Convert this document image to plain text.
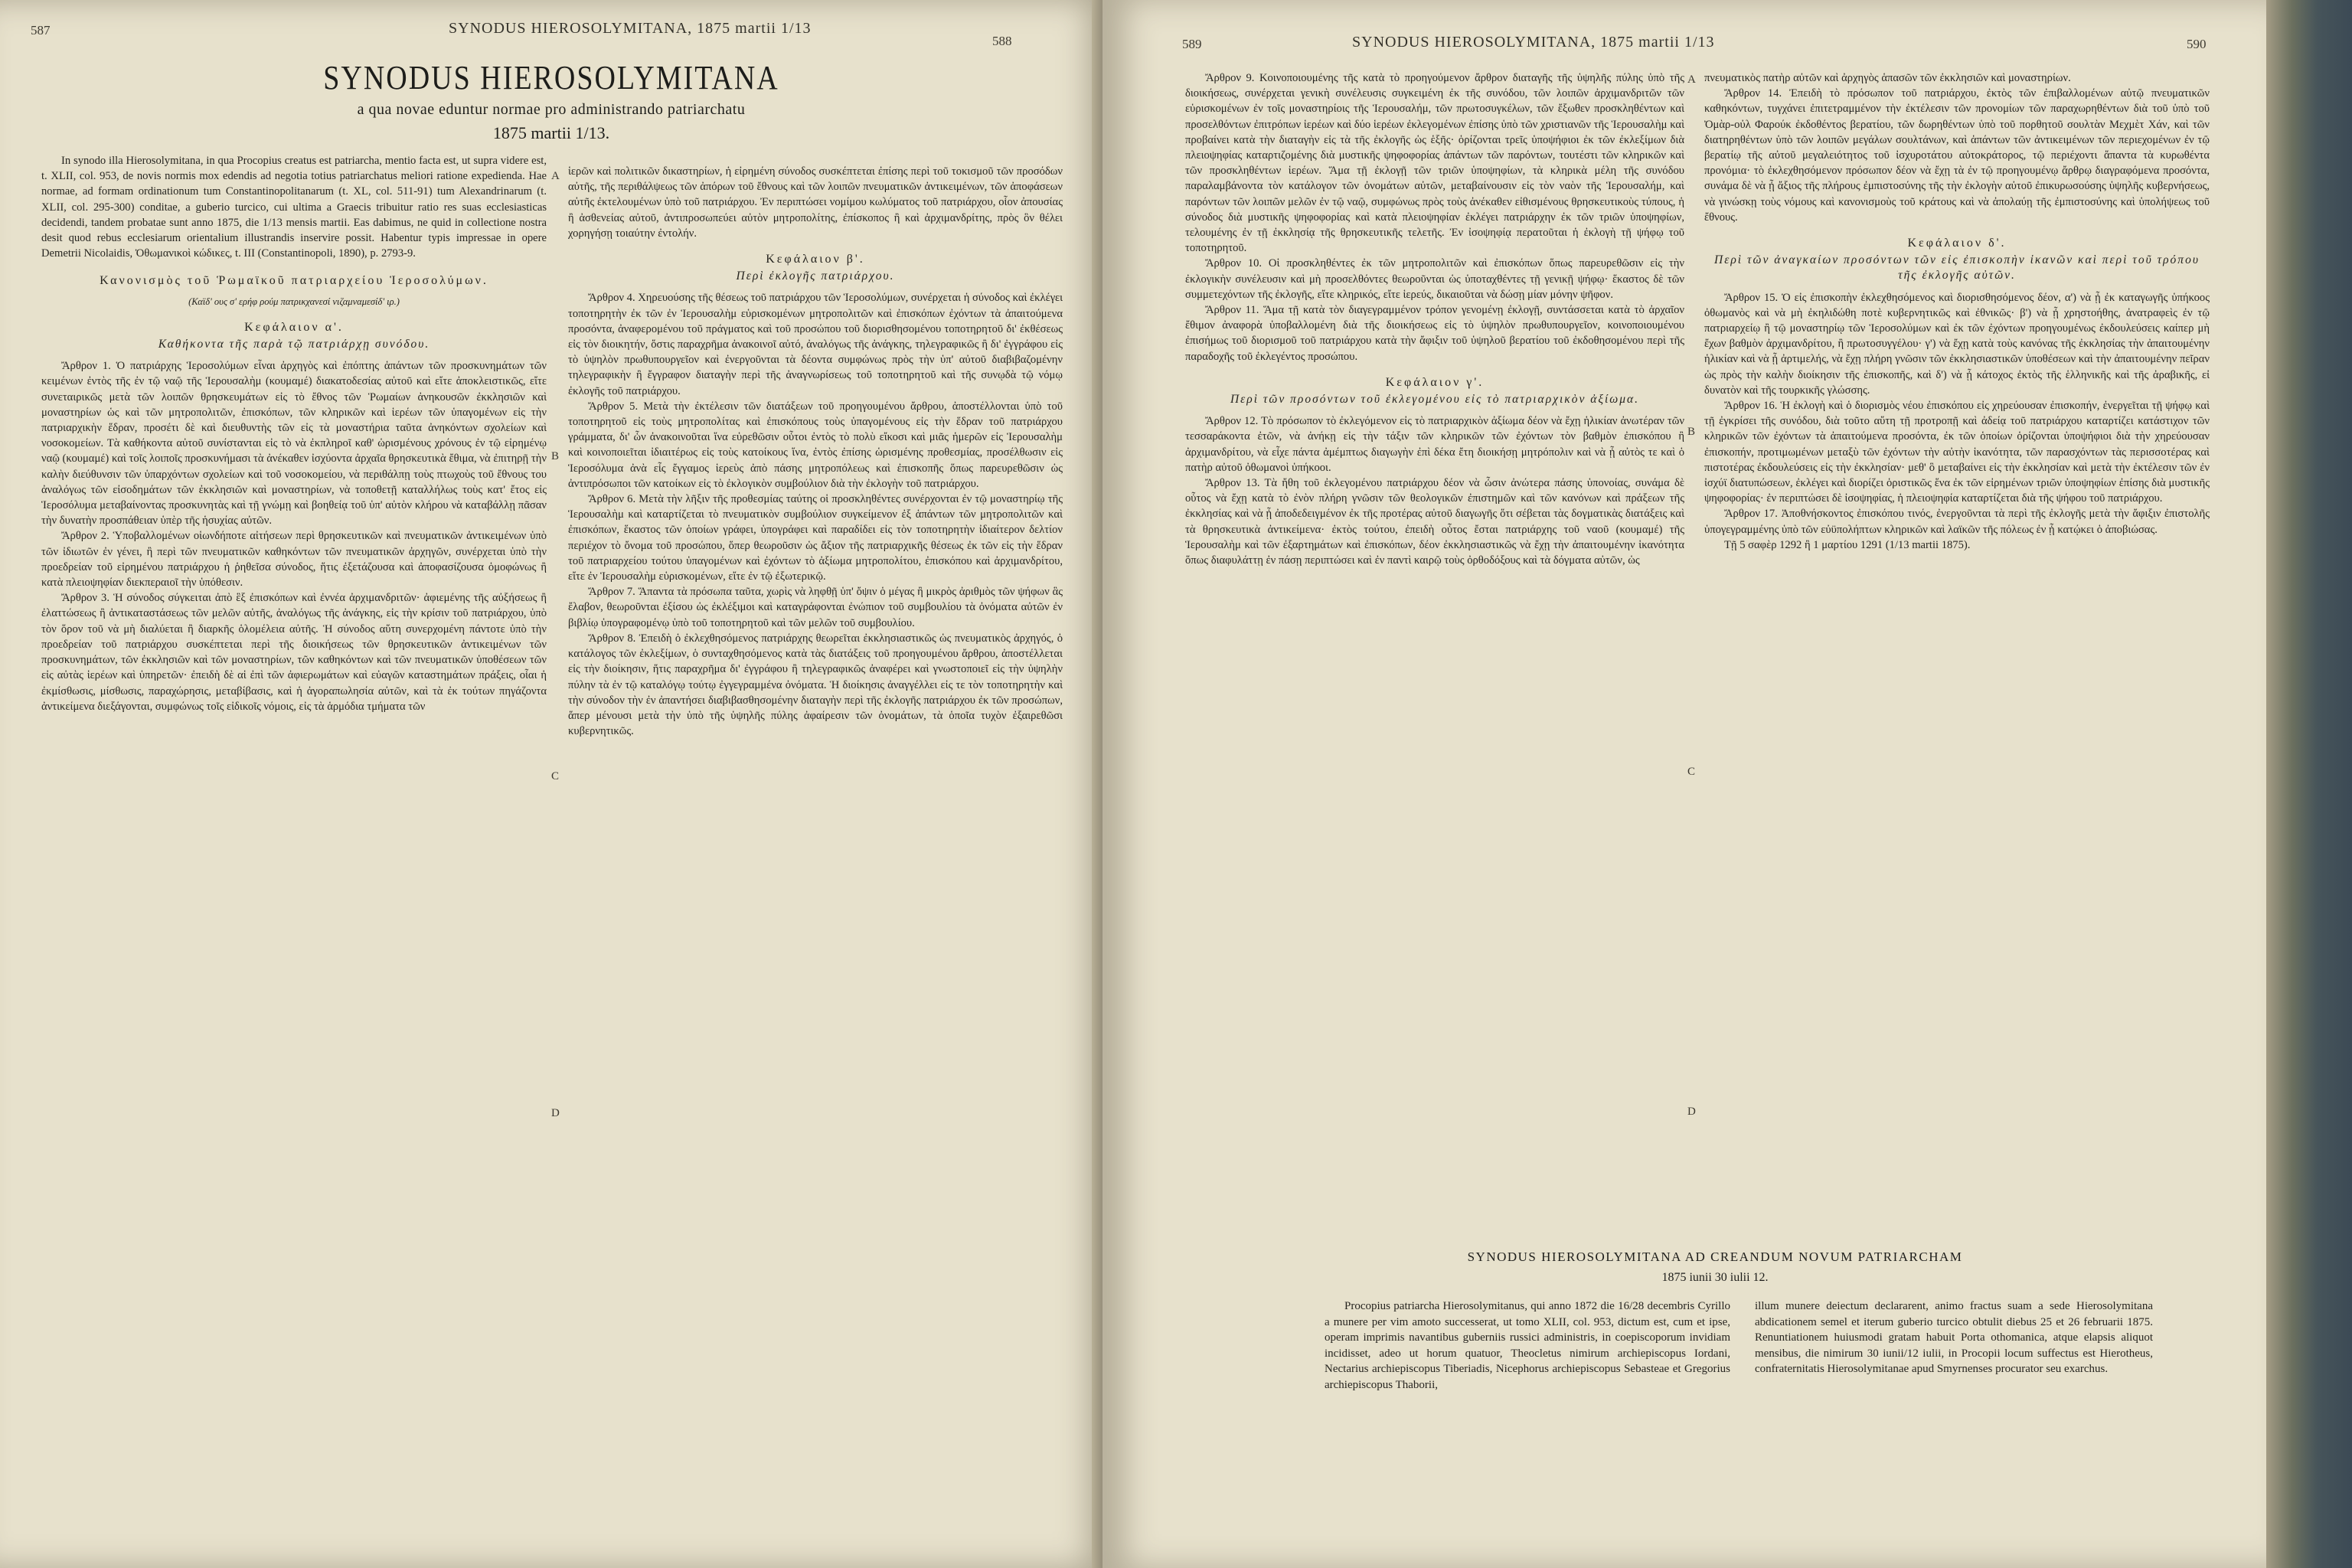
587	SYNODUS HIEROSOLYMITANA, 1875 martii 1/13
588
SYNODUS HIEROSOLYMITANA
a qua novae eduntur normae pro administrando patriarchatu
1875 martii 1/13.

In synodo illa Hierosolymitana, in qua Procopius creatus est patriarcha, mentio facta est, ut supra videre est, t. XLII, col. 953, de novis normis mox edendis ad negotia totius patriarchatus meliori ratione expedienda. Hae normae, ad formam ordinationum tum Constantinopolitanarum (t. XL, col. 511-91) tum Alexandrinarum (t. XLII, col. 295-300) conditae, a guberio turcico, cui ultima a Graecis tribuitur ratio res suas ecclesiasticas decidendi, tandem probatae sunt anno 1875, die 1/13 mensis martii. Eas dabimus, ne quid in collectione nostra desit quod rebus ecclesiarum orientalium illustrandis inservire possit. Habentur typis impressae in opere Demetrii Nicolaidis, Ὀθωμανικοὶ κώδικες, t. III (Constantinopoli, 1890), p. 2793-9.

Κανονισμὸς τοῦ Ῥωμαϊκοῦ πατριαρχείου Ἱεροσολύμων.
(Καϊδ' ους σ' ερήφ ρούμ πατρικχανεσί νιζαμναμεσίδ' ιρ.)
Κεφάλαιον α'.
Καθήκοντα τῆς παρὰ τῷ πατριάρχῃ συνόδου.

Ἄρθρον 1. Ὁ πατριάρχης Ἱεροσολύμων εἶναι ἀρχηγὸς καὶ ἐπόπτης ἁπάντων τῶν προσκυνημάτων τῶν κειμένων ἐντὸς τῆς ἐν τῷ ναῷ τῆς Ἱερουσαλὴμ (κουμαμέ) διακατοδεσίας αὐτοῦ καὶ εἴτε ἀποκλειστικῶς, εἴτε συνεταιρικῶς μετὰ τῶν λοιπῶν θρησκευμάτων εἰς τὸ ἔθνος τῶν Ῥωμαίων ἀνηκουσῶν ἐκκλησιῶν καὶ μοναστηρίων ὡς καὶ τῶν μητροπολιτῶν, ἐπισκόπων, τῶν κληρικῶν καὶ ἱερέων τῶν ὑπαγομένων εἰς τὴν πατριαρχικὴν ἕδραν, προσέτι δὲ καὶ διευθυντὴς τῶν εἰς τὰ μοναστήρια ταῦτα ἀνηκόντων σχολείων καὶ νοσοκομείων. Τὰ καθήκοντα αὐτοῦ συνίστανται εἰς τὸ νὰ ἐκπληροῖ καθ' ὡρισμένους χρόνους ἐν τῷ εἰρημένῳ ναῷ (κουμαμέ) καὶ τοῖς λοιποῖς προσκυνήμασι τὰ ἀνέκαθεν ἰσχύοντα ἀρχαῖα θρησκευτικὰ ἔθιμα, νὰ ἐπιτηρῇ τὴν καλὴν διεύθυνσιν τῶν ὑπαρχόντων σχολείων καὶ τοῦ νοσοκομείου, νὰ περιθάλπῃ τοὺς πτωχοὺς τοῦ ἔθνους του ἀναλόγως τῶν εἰσοδημάτων τῶν ἐκκλησιῶν καὶ μοναστηρίων, νὰ τοποθετῇ καταλλήλως τοὺς κατ' ἔτος εἰς Ἱεροσόλυμα μεταβαίνοντας προσκυνητὰς καὶ τῇ γνώμῃ καὶ βοηθείᾳ τοῦ ὑπ' αὐτὸν κλήρου νὰ καταβάλλῃ πᾶσαν τὴν δυνατὴν προσπάθειαν ὑπὲρ τῆς ἡσυχίας αὐτῶν.

Ἄρθρον 2. Ὑποβαλλομένων οἱωνδήποτε αἰτήσεων περὶ θρησκευτικῶν καὶ πνευματικῶν ἀντικειμένων ὑπὸ τῶν ἰδιωτῶν ἐν γένει, ἢ περὶ τῶν πνευματικῶν καθηκόντων τῶν πνευματικῶν ἀρχηγῶν, συνέρχεται ὑπὸ τὴν προεδρείαν τοῦ εἰρημένου πατριάρχου ἡ ῥηθεῖσα σύνοδος, ἥτις ἐξετάζουσα καὶ ἀποφασίζουσα ὁμοφώνως ἢ κατὰ πλειοψηφίαν διεκπεραιοῖ τὴν ὑπόθεσιν.

Ἄρθρον 3. Ἡ σύνοδος σύγκειται ἀπὸ ἓξ ἐπισκόπων καὶ ἐννέα ἀρχιμανδριτῶν· ἀφιεμένης τῆς αὐξήσεως ἢ ἐλαττώσεως ἢ ἀντικαταστάσεως τῶν μελῶν αὐτῆς, ἀναλόγως τῆς ἀνάγκης, εἰς τὴν κρίσιν τοῦ πατριάρχου, ὑπὸ τὸν ὅρον τοῦ νὰ μὴ διαλύεται ἢ διαρκῆς ὁλομέλεια αὐτῆς. Ἡ σύνοδος αὕτη συνερχομένη πάντοτε ὑπὸ τὴν προεδρείαν τοῦ πατριάρχου συσκέπτεται περὶ τῆς διοικήσεως τῶν θρησκευτικῶν ἀντικειμένων τῶν προσκυνημάτων, τῶν ἐκκλησιῶν καὶ τῶν μοναστηρίων, τῶν καθηκόντων καὶ τῶν πνευματικῶν ὑποθέσεων τῶν εἰς αὐτὰς ἱερέων καὶ ὑπηρετῶν· ἐπειδὴ δὲ αἱ ἐπὶ τῶν ἀφιερωμάτων καὶ εὐαγῶν καταστημάτων πράξεις, οἷαι ἡ ἐκμίσθωσις, μίσθωσις, παραχώρησις, μεταβίβασις, καὶ ἡ ἀγοραπωλησία αὐτῶν, καὶ τὰ ἐκ τούτων πηγάζοντα ἀντικείμενα διεξάγονται, συμφώνως τοῖς εἰδικοῖς νόμοις, εἰς τὰ ἁρμόδια τμήματα τῶν

A
B
C
D

ἱερῶν καὶ πολιτικῶν δικαστηρίων, ἡ εἰρημένη σύνοδος συσκέπτεται ἐπίσης περὶ τοῦ τοκισμοῦ τῶν προσόδων αὐτῆς, τῆς περιθάλψεως τῶν ἀπόρων τοῦ ἔθνους καὶ τῶν λοιπῶν πνευματικῶν ἀντικειμένων, τῶν ἀποφάσεων αὐτῆς ἐκτελουμένων ὑπὸ τοῦ πατριάρχου. Ἐν περιπτώσει νομίμου κωλύματος τοῦ πατριάρχου, οἷον ἀπουσίας ἢ ἀσθενείας αὐτοῦ, ἀντιπροσωπεύει αὐτὸν μητροπολίτης, ἐπίσκοπος ἢ καὶ ἀρχιμανδρίτης, πρὸς ὃν θέλει χορηγήσῃ τοιαύτην ἐντολήν.

Κεφάλαιον β'.
Περὶ ἐκλογῆς πατριάρχου.

Ἄρθρον 4. Χηρευούσης τῆς θέσεως τοῦ πατριάρχου τῶν Ἱεροσολύμων, συνέρχεται ἡ σύνοδος καὶ ἐκλέγει τοποτηρητὴν ἐκ τῶν ἐν Ἱερουσαλὴμ εὑρισκομένων μητροπολιτῶν καὶ ἐπισκόπων ἐχόντων τὰ ἀπαιτούμενα προσόντα, ἀναφερομένου τοῦ πράγματος καὶ τοῦ προσώπου τοῦ διορισθησομένου τοποτηρητοῦ δι' ἐκθέσεως εἰς τὸν διοικητήν, ὅστις παραχρῆμα ἀνακοινοῖ αὐτό, ἀναλόγως τῆς ἀνάγκης, τηλεγραφικῶς ἢ δι' ἐγγράφου εἰς τὸ ὑψηλὸν πρωθυπουργεῖον καὶ ἐνεργοῦνται τὰ δέοντα συμφώνως πρὸς τὴν ὑπ' αὐτοῦ διαβιβαζομένην τηλεγραφικὴν ἢ ἔγγραφον διαταγὴν περὶ τῆς ἀναγνωρίσεως τοῦ τοποτηρητοῦ καὶ τῆς συνῳδὰ τῷ νόμῳ ἐκλογῆς τοῦ πατριάρχου.

Ἄρθρον 5. Μετὰ τὴν ἐκτέλεσιν τῶν διατάξεων τοῦ προηγουμένου ἄρθρου, ἀποστέλλονται ὑπὸ τοῦ τοποτηρητοῦ εἰς τοὺς μητροπολίτας καὶ ἐπισκόπους τοὺς ὑπαγομένους εἰς τὴν ἕδραν τοῦ πατριάρχου γράμματα, δι' ὧν ἀνακοινοῦται ἵνα εὑρεθῶσιν οὗτοι ἐντὸς τὸ πολὺ εἴκοσι καὶ μιᾶς ἡμερῶν εἰς Ἱερουσαλὴμ καὶ κοινοποιεῖται ἰδιαιτέρως εἰς τοὺς κατοίκους ἵνα, ἐντὸς ἐπίσης ὡρισμένης προθεσμίας, προσέλθωσιν εἰς Ἱεροσόλυμα ἀνὰ εἷς ἔγγαμος ἱερεὺς ἀπὸ πάσης μητροπόλεως καὶ ἐπισκοπῆς ὅπως παρευρεθῶσιν ὡς ἀντιπρόσωποι τῶν κατοίκων εἰς τὸ ἐκλογικὸν συμβούλιον διὰ τὴν ἐκλογὴν τοῦ πατριάρχου.

Ἄρθρον 6. Μετὰ τὴν λῆξιν τῆς προθεσμίας ταύτης οἱ προσκληθέντες συνέρχονται ἐν τῷ μοναστηρίῳ τῆς Ἱερουσαλὴμ καὶ καταρτίζεται τὸ πνευματικὸν συμβούλιον συγκείμενον ἐξ ἁπάντων τῶν μητροπολιτῶν καὶ ἐπισκόπων, ἕκαστος τῶν ὁποίων γράφει, ὑπογράφει καὶ παραδίδει εἰς τὸν τοποτηρητὴν ἰδιαίτερον δελτίον περιέχον τὸ ὄνομα τοῦ προσώπου, ὅπερ θεωροῦσιν ὡς ἄξιον τῆς πατριαρχικῆς θέσεως ἐκ τῶν εἰς τὴν ἕδραν τοῦ πατριαρχείου τούτου ὑπαγομένων καὶ ἐχόντων τὸ ἀξίωμα μητροπολίτου, ἐπισκόπου καὶ ἀρχιμανδρίτου, εἴτε ἐν Ἱερουσαλὴμ εὑρισκομένων, εἴτε ἐν τῷ ἐξωτερικῷ.

Ἄρθρον 7. Ἅπαντα τὰ πρόσωπα ταῦτα, χωρὶς νὰ ληφθῇ ὑπ' ὄψιν ὁ μέγας ἢ μικρὸς ἀριθμὸς τῶν ψήφων ἃς ἔλαβον, θεωροῦνται ἐξίσου ὡς ἐκλέξιμοι καὶ καταγράφονται ἐνώπιον τοῦ συμβουλίου τὰ ὀνόματα αὐτῶν ἐν βιβλίῳ ὑπογραφομένῳ ὑπὸ τοῦ τοποτηρητοῦ καὶ τῶν μελῶν τοῦ συμβουλίου.

Ἄρθρον 8. Ἐπειδὴ ὁ ἐκλεχθησόμενος πατριάρχης θεωρεῖται ἐκκλησιαστικῶς ὡς πνευματικὸς ἀρχηγός, ὁ κατάλογος τῶν ἐκλεξίμων, ὁ συνταχθησόμενος κατὰ τὰς διατάξεις τοῦ προηγουμένου ἄρθρου, ἀποστέλλεται εἰς τὴν διοίκησιν, ἥτις παραχρῆμα δι' ἐγγράφου ἢ τηλεγραφικῶς ἀναφέρει καὶ γνωστοποιεῖ εἰς τὴν ὑψηλὴν πύλην τὰ ἐν τῷ καταλόγῳ τούτῳ ἐγγεγραμμένα ὀνόματα. Ἡ διοίκησις ἀναγγέλλει εἰς τε τὸν τοποτηρητὴν καὶ τὴν σύνοδον τὴν ἐν ἀπαντήσει διαβιβασθησομένην διαταγὴν περὶ τῆς ἐκλογῆς πατριάρχου ἐκ τῶν προσώπων, ἅπερ μένουσι μετὰ τὴν ὑπὸ τῆς ὑψηλῆς πύλης ἀφαίρεσιν τῶν ὀνομάτων, τὰ ὁποῖα τυχὸν ἐξαιρεθῶσι κυβερνητικῶς.

589	SYNODUS HIEROSOLYMITANA, 1875 martii 1/13	590

Ἄρθρον 9. Κοινοποιουμένης τῆς κατὰ τὸ προηγούμενον ἄρθρον διαταγῆς τῆς ὑψηλῆς πύλης ὑπὸ τῆς διοικήσεως, συνέρχεται γενικὴ συνέλευσις συγκειμένη ἐκ τῆς συνόδου, τῶν λοιπῶν ἀρχιμανδριτῶν τῶν εὑρισκομένων ἐν τοῖς μοναστηρίοις τῆς Ἱερουσαλήμ, τῶν πρωτοσυγκέλων, τῶν ἔξωθεν προσκληθέντων καὶ προσελθόντων ἐπιτρόπων ἱερέων καὶ δύο ἱερέων ἐκλεγομένων ἐπίσης ὑπὸ τῶν χριστιανῶν τῆς Ἱερουσαλὴμ καὶ προβαίνει κατὰ τὴν διαταγὴν εἰς τὰ τῆς ἐκλογῆς ὡς ἑξῆς· ὁρίζονται τρεῖς ὑποψήφιοι ἐκ τῶν ἐκλεξίμων διὰ πλειοψηφίας καταρτιζομένης διὰ μυστικῆς ψηφοφορίας ἁπάντων τῶν παρόντων, τουτέστι τῶν κληρικῶν καὶ τῶν προσκληθέντων ἱερέων. Ἅμα τῇ ἐκλογῇ τῶν τριῶν ὑποψηφίων, τὰ κληρικὰ μέλη τῆς συνόδου παραλαμβάνοντα τὸν κατάλογον τῶν ὀνομάτων αὐτῶν, μεταβαίνουσιν εἰς τὸν ναὸν τῆς Ἱερουσαλήμ, καὶ παρόντων τῶν λοιπῶν μελῶν ἐν τῷ ναῷ, συμφώνως πρὸς τοὺς ἀνέκαθεν εἰθισμένους θρησκευτικοὺς τύπους, ἡ σύνοδος διὰ μυστικῆς ψηφοφορίας καὶ κατὰ πλειοψηφίαν ἐκλέγει πατριάρχην ἐκ τῶν τριῶν ὑποψηφίων, τελουμένης ἐν τῇ ἐκκλησίᾳ τῆς θρησκευτικῆς τελετῆς. Ἐν ἰσοψηφίᾳ περατοῦται ἡ ἐκλογὴ τῇ ψήφῳ τοῦ τοποτηρητοῦ.

Ἄρθρον 10. Οἱ προσκληθέντες ἐκ τῶν μητροπολιτῶν καὶ ἐπισκόπων ὅπως παρευρεθῶσιν εἰς τὴν ἐκλογικὴν συνέλευσιν καὶ μὴ προσελθόντες θεωροῦνται ὡς ὑποταχθέντες τῇ γενικῇ ψήφῳ· ἕκαστος δὲ τῶν συμμετεχόντων τῆς ἐκλογῆς, εἴτε κληρικός, εἴτε ἱερεύς, δικαιοῦται νὰ δώσῃ μίαν μόνην ψῆφον.

Ἄρθρον 11. Ἅμα τῇ κατὰ τὸν διαγεγραμμένον τρόπον γενομένῃ ἐκλογῇ, συντάσσεται κατὰ τὸ ἀρχαῖον ἔθιμον ἀναφορὰ ὑποβαλλομένη διὰ τῆς διοικήσεως εἰς τὸ ὑψηλὸν πρωθυπουργεῖον, κοινοποιουμένου ἐπισήμως τοῦ διορισμοῦ τοῦ πατριάρχου κατὰ τὴν ἄφιξιν τοῦ ὑψηλοῦ βερατίου τοῦ ἐκδοθησομένου περὶ τῆς παραδοχῆς τοῦ ἐκλεγέντος προσώπου.

Κεφάλαιον γ'.
Περὶ τῶν προσόντων τοῦ ἐκλεγομένου εἰς τὸ πατριαρχικὸν ἀξίωμα.

Ἄρθρον 12. Τὸ πρόσωπον τὸ ἐκλεγόμενον εἰς τὸ πατριαρχικὸν ἀξίωμα δέον νὰ ἔχῃ ἡλικίαν ἀνωτέραν τῶν τεσσαράκοντα ἐτῶν, νὰ ἀνήκῃ εἰς τὴν τάξιν τῶν κληρικῶν τῶν ἐχόντων τὸν βαθμὸν ἐπισκόπου ἢ ἀρχιμανδρίτου, νὰ εἶχε πάντα ἀμέμπτως διαγωγὴν ἐπὶ δέκα ἔτη διοικήσῃ μητρόπολιν καὶ νὰ ᾖ αὐτὸς τε καὶ ὁ πατὴρ αὐτοῦ ὀθωμανοὶ ὑπήκοοι.

Ἄρθρον 13. Τὰ ἤθη τοῦ ἐκλεγομένου πατριάρχου δέον νὰ ὦσιν ἀνώτερα πάσης ὑπονοίας, συνάμα δὲ οὗτος νὰ ἔχῃ κατὰ τὸ ἐνὸν πλήρη γνῶσιν τῶν θεολογικῶν ἐπιστημῶν καὶ τῶν κανόνων καὶ πράξεων τῆς ἐκκλησίας καὶ νὰ ᾖ ἀποδεδειγμένον ἐκ τῆς προτέρας αὐτοῦ διαγωγῆς ὅτι σέβεται τὰς δογματικὰς διατάξεις καὶ τὰ θρησκευτικὰ ἀντικείμενα· ἐκτὸς τούτου, ἐπειδὴ οὗτος ἔσται πατριάρχης τοῦ ναοῦ (κουμαμέ) τῆς Ἱερουσαλὴμ καὶ τῶν ἐξαρτημάτων καὶ ἐπισκόπων, δέον ἐκκλησιαστικῶς νὰ ἔχῃ τὴν ἀπαιτουμένην ἱκανότητα ὅπως διαφυλάττῃ ἐν πάσῃ περιπτώσει καὶ ἐν παντὶ καιρῷ τοὺς ὀρθοδόξους καὶ τὰ δόγματα αὐτῶν, ὡς

A
B
C
D

πνευματικὸς πατὴρ αὐτῶν καὶ ἀρχηγὸς ἁπασῶν τῶν ἐκκλησιῶν καὶ μοναστηρίων.

Ἄρθρον 14. Ἐπειδὴ τὸ πρόσωπον τοῦ πατριάρχου, ἐκτὸς τῶν ἐπιβαλλομένων αὐτῷ πνευματικῶν καθηκόντων, τυγχάνει ἐπιτετραμμένον τὴν ἐκτέλεσιν τῶν προνομίων τῶν παραχωρηθέντων διὰ τοῦ ὑπὸ τοῦ Ὀμὰρ-οὐλ Φαρούκ ἐκδοθέντος βερατίου, τῶν δωρηθέντων ὑπὸ τοῦ πορθητοῦ σουλτὰν Μεχμὲτ Χάν, καὶ τῶν διατηρηθέντων ὑπὸ τῶν λοιπῶν μεγάλων σουλτάνων, καὶ ἁπάντων τῶν ἀντικειμένων τῶν περιεχομένων ἐν τῷ βερατίῳ τῆς αὐτοῦ μεγαλειότητος τοῦ ἰσχυροτάτου αὐτοκράτορος, τῷ περιέχοντι ἅπαντα τὰ κυρωθέντα προνόμια· τὸ ἐκλεχθησόμενον πρόσωπον δέον νὰ ἔχῃ τὰ ἐν τῷ προηγουμένῳ ἄρθρῳ διαγραφόμενα προσόντα, συνάμα δὲ νὰ ᾖ ἄξιος τῆς πλήρους ἐμπιστοσύνης τῆς τὴν ἐκλογὴν αὐτοῦ ἐπικυρωσούσης ὑψηλῆς κυβερνήσεως, νὰ γινώσκῃ τοὺς νόμους καὶ κανονισμοὺς τοῦ κράτους καὶ νὰ ἀπολαύῃ τῆς ἐμπιστοσύνης καὶ ὑπολήψεως τοῦ ἔθνους.

Κεφάλαιον δ'.
Περὶ τῶν ἀναγκαίων προσόντων τῶν εἰς ἐπισκοπὴν ἱκανῶν καὶ περὶ τοῦ τρόπου τῆς ἐκλογῆς αὐτῶν.

Ἄρθρον 15. Ὁ εἰς ἐπισκοπὴν ἐκλεχθησόμενος καὶ διορισθησόμενος δέον, α') νὰ ᾖ ἐκ καταγωγῆς ὑπήκοος ὀθωμανὸς καὶ νὰ μὴ ἐκηλιδώθη ποτὲ κυβερνητικῶς καὶ ἐθνικῶς· β') νὰ ᾖ χρηστοήθης, ἀνατραφεὶς ἐν τῷ πατριαρχείῳ ἢ τῷ μοναστηρίῳ τῶν Ἱεροσολύμων καὶ ἐκ τῶν ἐχόντων προηγουμένως ἐκδουλεύσεις καίπερ μὴ ἔχων βαθμὸν ἀρχιμανδρίτου, ἢ πρωτοσυγγέλου· γ') νὰ ἔχῃ κατὰ τοὺς κανόνας τῆς ἐκκλησίας τὴν ἀπαιτουμένην ἡλικίαν καὶ νὰ ᾖ ἀρτιμελής, νὰ ἔχῃ πλήρη γνῶσιν τῶν ἐκκλησιαστικῶν ὑποθέσεων καὶ τὴν ἀπαιτουμένην πεῖραν ὡς πρὸς τὴν καλὴν διοίκησιν τῆς ἐπισκοπῆς, καὶ δ') νὰ ᾖ κάτοχος ἐκτὸς τῆς ἑλληνικῆς καὶ τῆς ἀραβικῆς, εἰ δυνατὸν καὶ τῆς τουρκικῆς γλώσσης.

Ἄρθρον 16. Ἡ ἐκλογὴ καὶ ὁ διορισμὸς νέου ἐπισκόπου εἰς χηρεύουσαν ἐπισκοπήν, ἐνεργεῖται τῇ ψήφῳ καὶ τῇ ἐγκρίσει τῆς συνόδου, διὰ τοῦτο αὕτη τῇ προτροπῇ καὶ ἀδείᾳ τοῦ πατριάρχου καταρτίζει κατάστιχον τῶν κληρικῶν τῶν ἐχόντων τὰ ἀπαιτούμενα προσόντα, ἐκ τῶν ὁποίων ὁρίζονται ὑποψήφιοι διὰ τὴν χηρεύουσαν ἐπισκοπήν, προτιμωμένων μεταξὺ τῶν ἐχόντων τὴν αὐτὴν ἱκανότητα, τῶν παρασχόντων τὰς περισσοτέρας καὶ πιστοτέρας ἐκδουλεύσεις εἰς τὴν ἐκκλησίαν· μεθ' ὃ μεταβαίνει εἰς τὴν ἐκκλησίαν καὶ μετὰ τὴν ἐκτέλεσιν τῶν ἐν ἰσχύϊ διατυπώσεων, ἐκλέγει καὶ διορίζει ὁριστικῶς ἕνα ἐκ τῶν εἰρημένων τριῶν ὑποψηφίων ἐπίσης διὰ μυστικῆς ψηφοφορίας· ἐν περιπτώσει δὲ ἰσοψηφίας, ἡ πλειοψηφία καταρτίζεται διὰ τῆς ψήφου τοῦ πατριάρχου.

Ἄρθρον 17. Ἀποθνήσκοντος ἐπισκόπου τινός, ἐνεργοῦνται τὰ περὶ τῆς ἐκλογῆς μετὰ τὴν ἄφιξιν ἐπιστολῆς ὑπογεγραμμένης ὑπὸ τῶν εὐϋπολήπτων κληρικῶν καὶ λαϊκῶν τῆς πόλεως ἐν ᾗ κατῴκει ὁ ἀποβιώσας.

Τῇ 5 σαφὲρ 1292 ἢ 1 μαρτίου 1291 (1/13 martii 1875).

SYNODUS HIEROSOLYMITANA AD CREANDUM NOVUM PATRIARCHAM
1875 iunii 30 iulii 12.

Procopius patriarcha Hierosolymitanus, qui anno 1872 die 16/28 decembris Cyrillo a munere per vim amoto successerat, ut tomo XLII, col. 953, dictum est, cum et ipse, operam imprimis navantibus guberniis russici administris, in coepiscoporum invidiam incidisset, adeo ut horum quatuor, Theocletus nimirum archiepiscopus Iordani, Nectarius archiepiscopus Tiberiadis, Nicephorus archiepiscopus Sebasteae et Gregorius archiepiscopus Thaborii,

illum munere deiectum declararent, animo fractus suam a sede Hierosolymitana abdicationem semel et iterum guberio turcico obtulit diebus 25 et 26 februarii 1875. Renuntiationem huiusmodi gratam habuit Porta othomanica, atque elapsis aliquot mensibus, die nimirum 30 iunii/12 iulii, in Procopii locum suffectus est Hierotheus, confraternitatis Hierosolymitanae apud Smyrnenses procurator seu exarchus.
